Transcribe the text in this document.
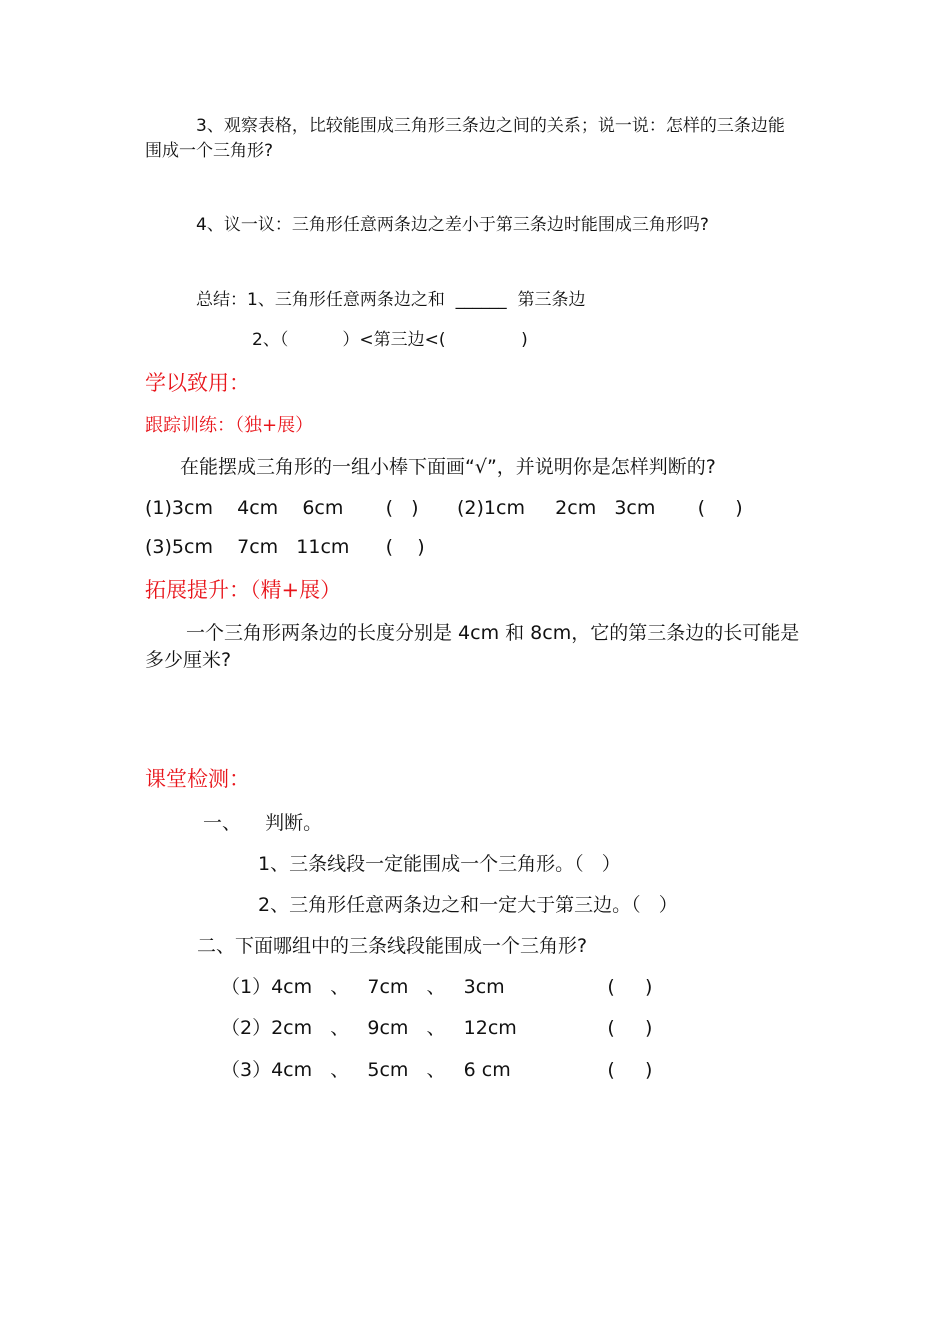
3、观察表格，比较能围成三角形三条边之间的关系；说一说：怎样的三条边能
围成一个三角形?
4、议一议：三角形任意两条边之差小于第三条边时能围成三角形吗?
总结：1、三角形任意两条边之和 ______ 第三条边
2、（          ）<第三边<(              )
学以致用：
跟踪训练：（独+展）
在能摆成三角形的一组小棒下面画“√”，并说明你是怎样判断的?
(1)3cm    4cm    6cm       (   ) (2)1cm     2cm   3cm       (     )
(3)5cm    7cm   11cm      (    )
拓展提升：（精+展）
一个三角形两条边的长度分别是 4cm 和 8cm，它的第三条边的长可能是
多少厘米?
课堂检测：
一、    判断。
1、三条线段一定能围成一个三角形。（   ）
2、三角形任意两条边之和一定大于第三边。（   ）
二、下面哪组中的三条线段能围成一个三角形?
（1）4cm   、   7cm   、   3cm                 (     )
（2）2cm   、   9cm   、   12cm               (     )
（3）4cm   、   5cm   、   6 cm                (     )
